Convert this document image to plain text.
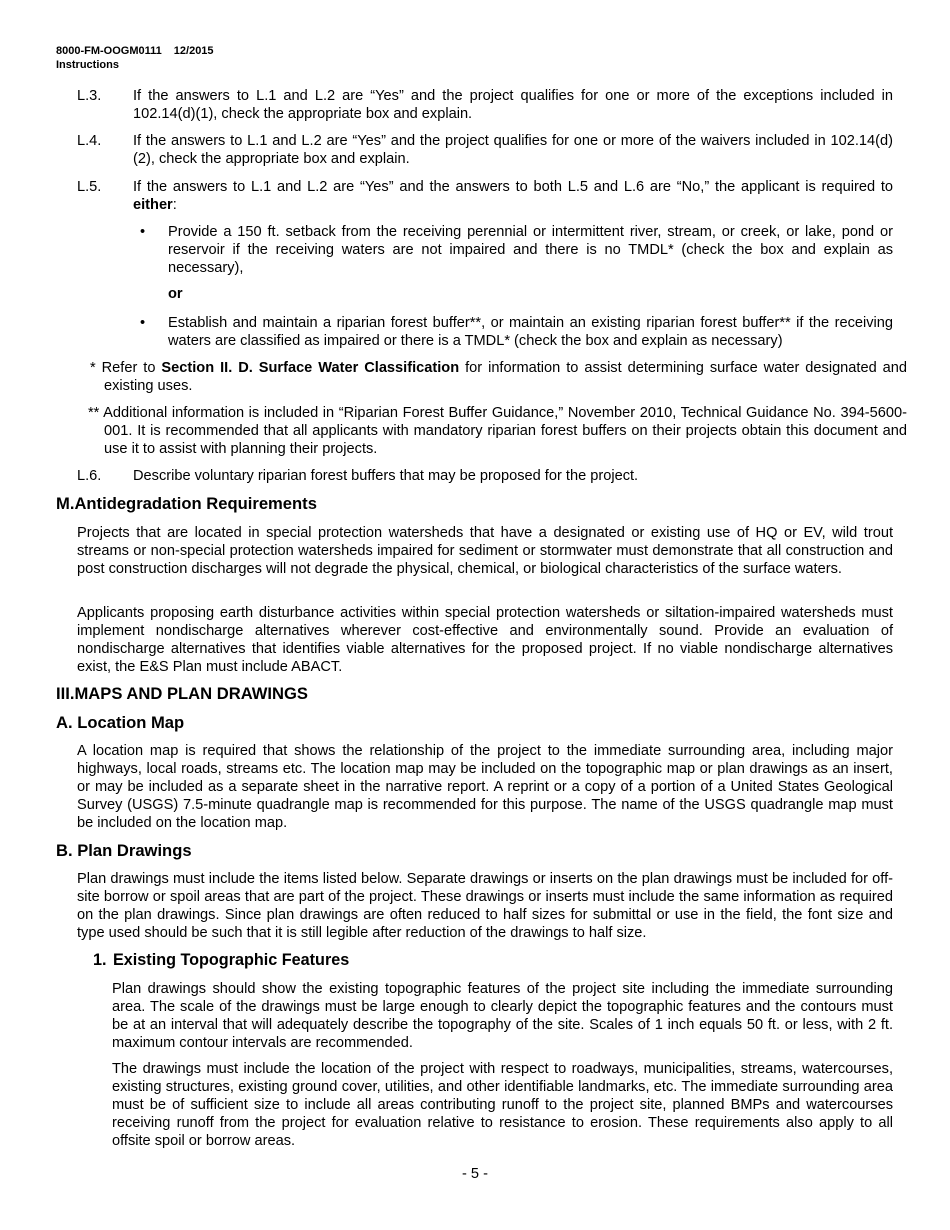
8000-FM-OOGM0111 12/2015
Instructions
L.3. If the answers to L.1 and L.2 are “Yes” and the project qualifies for one or more of the exceptions included in 102.14(d)(1), check the appropriate box and explain.
L.4. If the answers to L.1 and L.2 are “Yes” and the project qualifies for one or more of the waivers included in 102.14(d)(2), check the appropriate box and explain.
L.5. If the answers to L.1 and L.2 are “Yes” and the answers to both L.5 and L.6 are “No,” the applicant is required to either:
• Provide a 150 ft. setback from the receiving perennial or intermittent river, stream, or creek, or lake, pond or reservoir if the receiving waters are not impaired and there is no TMDL* (check the box and explain as necessary),
or
• Establish and maintain a riparian forest buffer**, or maintain an existing riparian forest buffer** if the receiving waters are classified as impaired or there is a TMDL* (check the box and explain as necessary)
* Refer to Section II. D. Surface Water Classification for information to assist determining surface water designated and existing uses.
** Additional information is included in “Riparian Forest Buffer Guidance,” November 2010, Technical Guidance No. 394-5600-001. It is recommended that all applicants with mandatory riparian forest buffers on their projects obtain this document and use it to assist with planning their projects.
L.6. Describe voluntary riparian forest buffers that may be proposed for the project.
M.Antidegradation Requirements

Projects that are located in special protection watersheds that have a designated or existing use of HQ or EV, wild trout streams or non-special protection watersheds impaired for sediment or stormwater must demonstrate that all construction and post construction discharges will not degrade the physical, chemical, or biological characteristics of the surface waters.

Applicants proposing earth disturbance activities within special protection watersheds or siltation-impaired watersheds must implement nondischarge alternatives wherever cost-effective and environmentally sound. Provide an evaluation of nondischarge alternatives that identifies viable alternatives for the proposed project. If no viable nondischarge alternatives exist, the E&S Plan must include ABACT.

III.MAPS AND PLAN DRAWINGS
A. Location Map

A location map is required that shows the relationship of the project to the immediate surrounding area, including major highways, local roads, streams etc. The location map may be included on the topographic map or plan drawings as an insert, or may be included as a separate sheet in the narrative report. A reprint or a copy of a portion of a United States Geological Survey (USGS) 7.5-minute quadrangle map is recommended for this purpose. The name of the USGS quadrangle map must be included on the location map.

B. Plan Drawings

Plan drawings must include the items listed below. Separate drawings or inserts on the plan drawings must be included for off-site borrow or spoil areas that are part of the project. These drawings or inserts must include the same information as required on the plan drawings. Since plan drawings are often reduced to half sizes for submittal or use in the field, the font size and type used should be such that it is still legible after reduction of the drawings to half size.

1. Existing Topographic Features

Plan drawings should show the existing topographic features of the project site including the immediate surrounding area. The scale of the drawings must be large enough to clearly depict the topographic features and the contours must be at an interval that will adequately describe the topography of the site. Scales of 1 inch equals 50 ft. or less, with 2 ft. maximum contour intervals are recommended.

The drawings must include the location of the project with respect to roadways, municipalities, streams, watercourses, existing structures, existing ground cover, utilities, and other identifiable landmarks, etc. The immediate surrounding area must be of sufficient size to include all areas contributing runoff to the project site, planned BMPs and watercourses receiving runoff from the project for evaluation relative to resistance to erosion. These requirements also apply to all offsite spoil or borrow areas.

- 5 -
